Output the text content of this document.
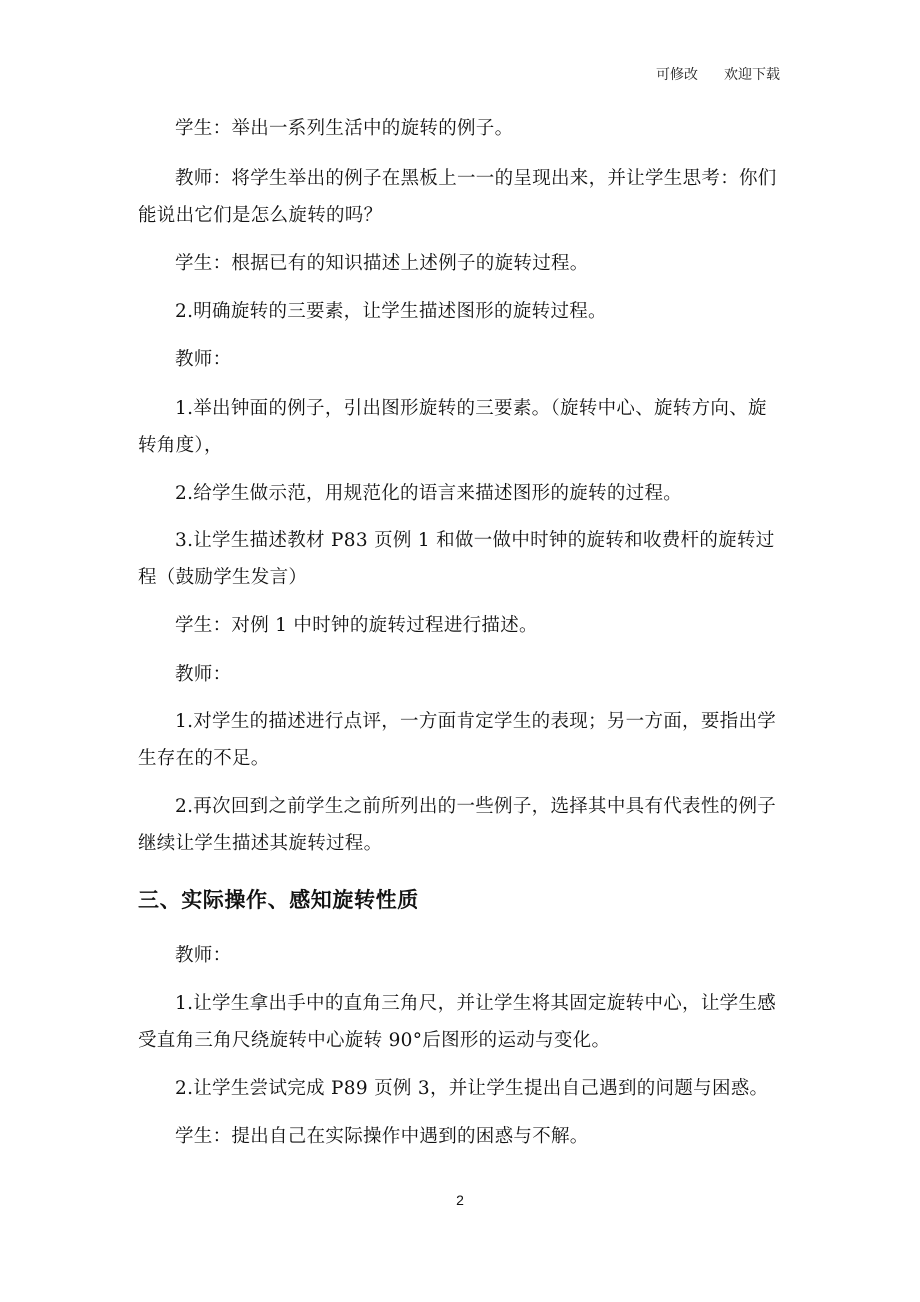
可修改 欢迎下载

学生：举出一系列生活中的旋转的例子。

教师：将学生举出的例子在黑板上一一的呈现出来，并让学生思考：你们能说出它们是怎么旋转的吗？

学生：根据已有的知识描述上述例子的旋转过程。

2.明确旋转的三要素，让学生描述图形的旋转过程。

教师：

1.举出钟面的例子，引出图形旋转的三要素。（旋转中心、旋转方向、旋转角度），

2.给学生做示范，用规范化的语言来描述图形的旋转的过程。

3.让学生描述教材 P83 页例 1 和做一做中时钟的旋转和收费杆的旋转过程（鼓励学生发言）

学生：对例 1 中时钟的旋转过程进行描述。

教师：

1.对学生的描述进行点评，一方面肯定学生的表现；另一方面，要指出学生存在的不足。

2.再次回到之前学生之前所列出的一些例子，选择其中具有代表性的例子继续让学生描述其旋转过程。

三、实际操作、感知旋转性质

教师：

1.让学生拿出手中的直角三角尺，并让学生将其固定旋转中心，让学生感受直角三角尺绕旋转中心旋转 90°后图形的运动与变化。

2.让学生尝试完成 P89 页例 3，并让学生提出自己遇到的问题与困惑。

学生：提出自己在实际操作中遇到的困惑与不解。

2
